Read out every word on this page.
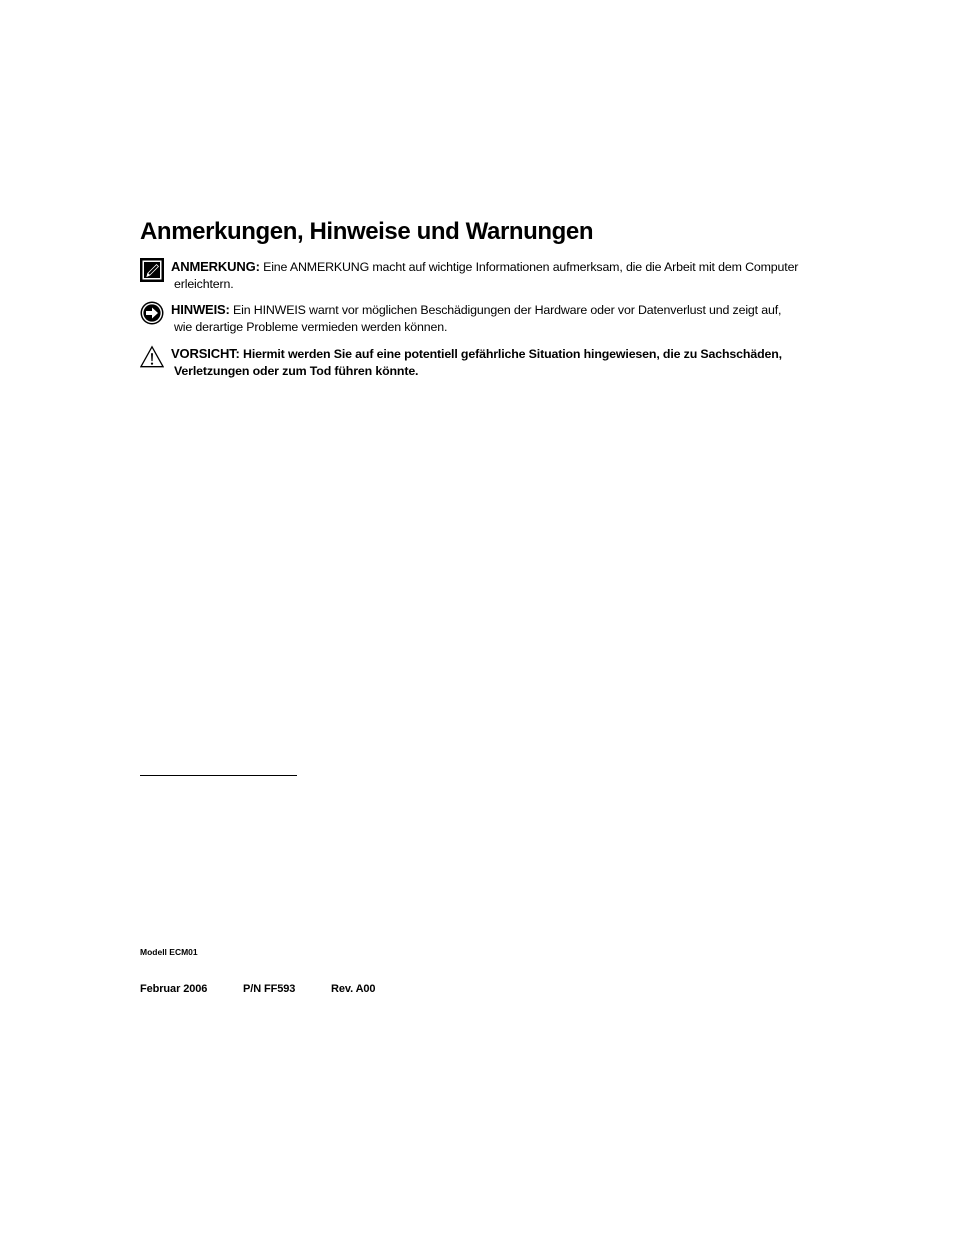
Anmerkungen, Hinweise und Warnungen
ANMERKUNG: Eine ANMERKUNG macht auf wichtige Informationen aufmerksam, die die Arbeit mit dem Computer
erleichtern.
HINWEIS: Ein HINWEIS warnt vor möglichen Beschädigungen der Hardware oder vor Datenverlust und zeigt auf,
wie derartige Probleme vermieden werden können.
VORSICHT: Hiermit werden Sie auf eine potentiell gefährliche Situation hingewiesen, die zu Sachschäden,
Verletzungen oder zum Tod führen könnte.
Modell ECM01
Februar 2006	P/N FF593	Rev. A00
